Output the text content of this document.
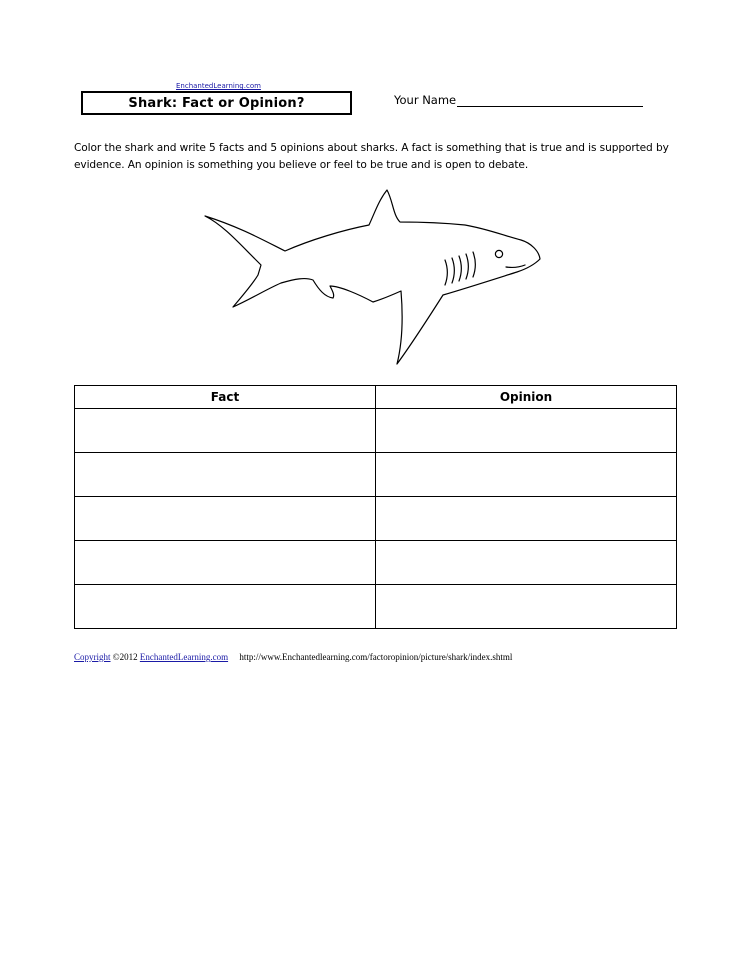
EnchantedLearning.com
Shark: Fact or Opinion?	Your Name
Color the shark and write 5 facts and 5 opinions about sharks. A fact is something that is true and is supported by evidence. An opinion is something you believe or feel to be true and is open to debate.
Fact	Opinion

Copyright ©2012 EnchantedLearning.com http://www.Enchantedlearning.com/factoropinion/picture/shark/index.shtml
